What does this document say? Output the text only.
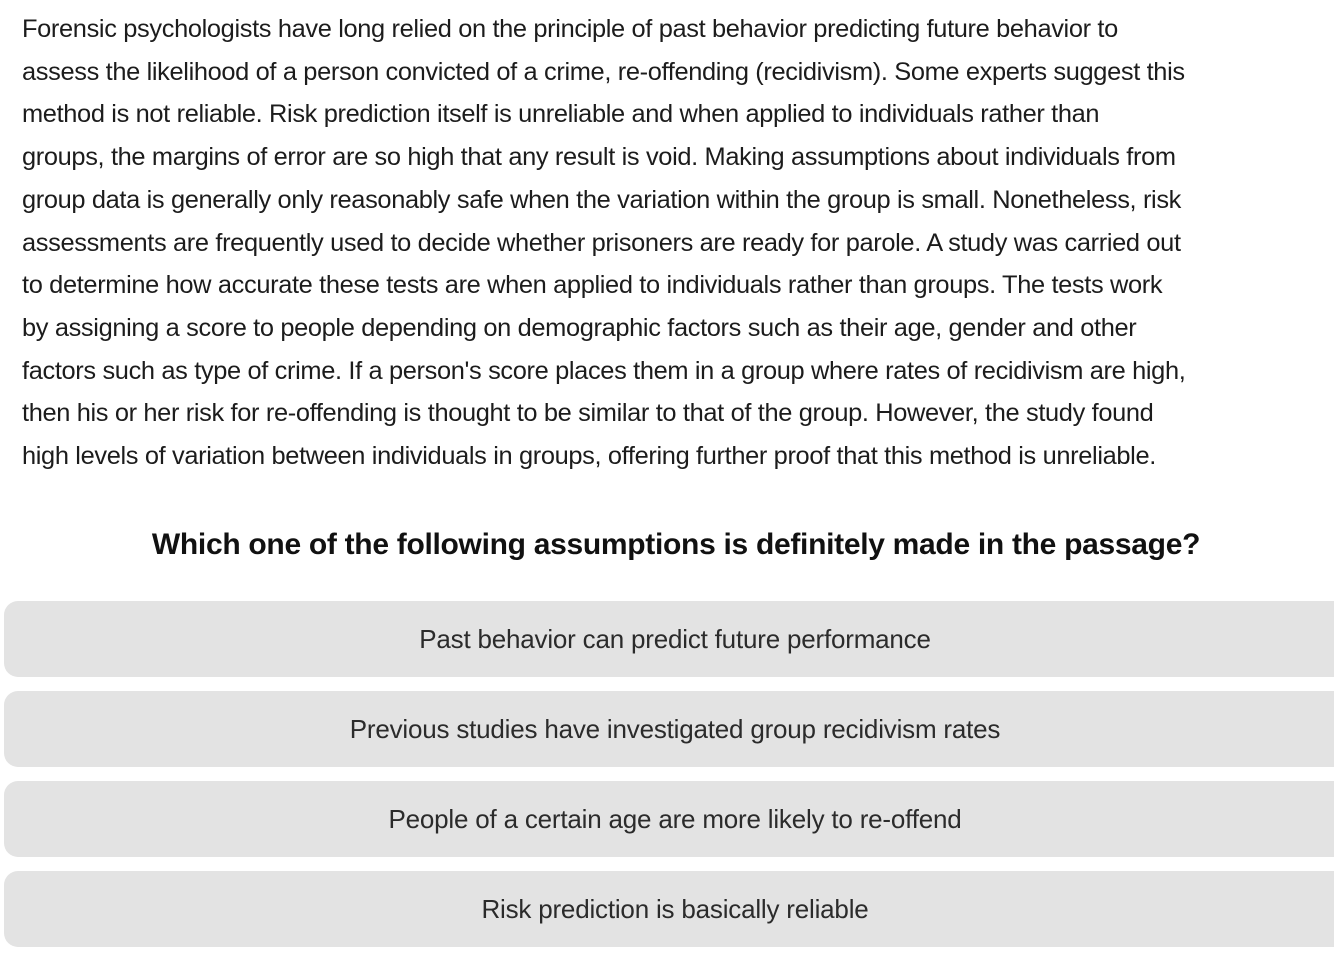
Forensic psychologists have long relied on the principle of past behavior predicting future behavior to
assess the likelihood of a person convicted of a crime, re-offending (recidivism). Some experts suggest this
method is not reliable. Risk prediction itself is unreliable and when applied to individuals rather than
groups, the margins of error are so high that any result is void. Making assumptions about individuals from
group data is generally only reasonably safe when the variation within the group is small. Nonetheless, risk
assessments are frequently used to decide whether prisoners are ready for parole. A study was carried out
to determine how accurate these tests are when applied to individuals rather than groups. The tests work
by assigning a score to people depending on demographic factors such as their age, gender and other
factors such as type of crime. If a person's score places them in a group where rates of recidivism are high,
then his or her risk for re-offending is thought to be similar to that of the group. However, the study found
high levels of variation between individuals in groups, offering further proof that this method is unreliable.

Which one of the following assumptions is definitely made in the passage?
Past behavior can predict future performance
Previous studies have investigated group recidivism rates
People of a certain age are more likely to re-offend
Risk prediction is basically reliable
